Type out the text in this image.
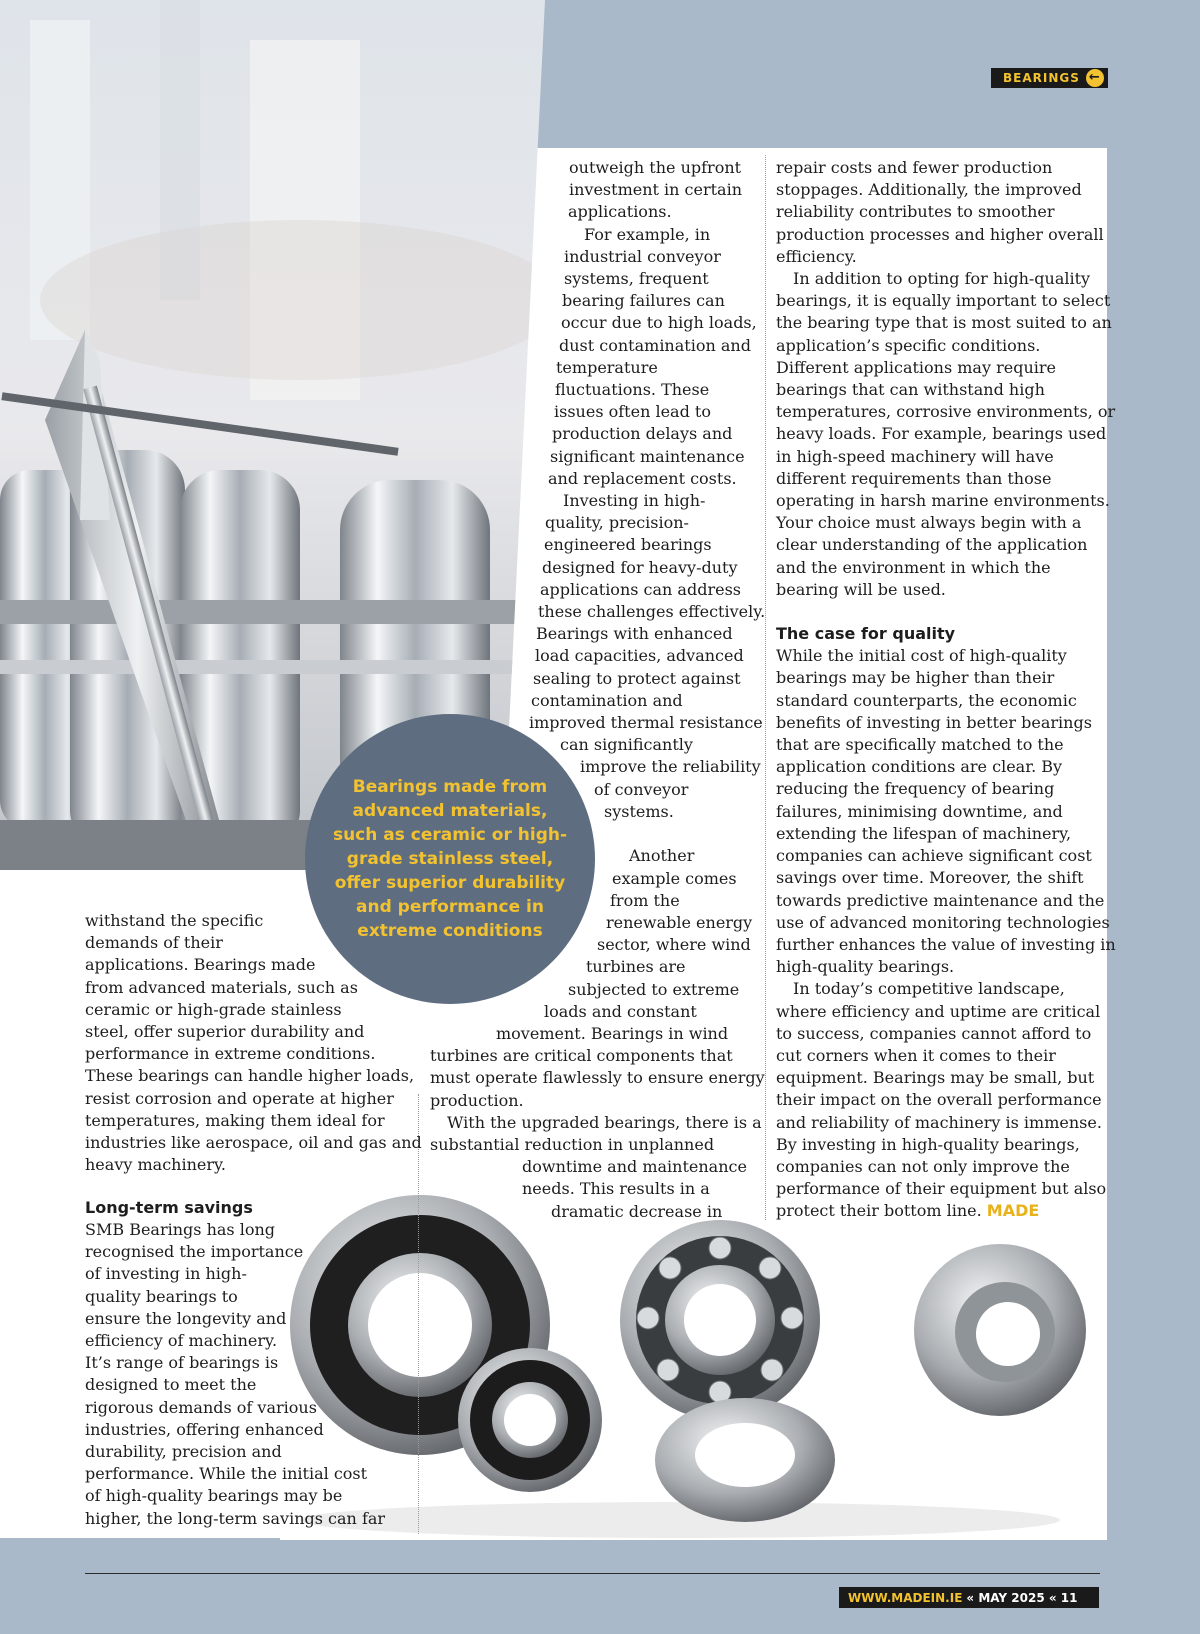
BEARINGS ←

withstand the specific
demands of their
applications. Bearings made
from advanced materials, such as
ceramic or high-grade stainless
steel, offer superior durability and
performance in extreme conditions.
These bearings can handle higher loads,
resist corrosion and operate at higher
temperatures, making them ideal for
industries like aerospace, oil and gas and
heavy machinery.

Long-term savings

SMB Bearings has long
recognised the importance
of investing in high-
quality bearings to
ensure the longevity and
efficiency of machinery.
It’s range of bearings is
designed to meet the
rigorous demands of various
industries, offering enhanced
durability, precision and
performance. While the initial cost
of high-quality bearings may be
higher, the long-term savings can far

outweigh the upfront
investment in certain
applications.
For example, in
industrial conveyor
systems, frequent
bearing failures can
occur due to high loads,
dust contamination and
temperature
fluctuations. These
issues often lead to
production delays and
significant maintenance
and replacement costs.
Investing in high-
quality, precision-
engineered bearings
designed for heavy-duty
applications can address
these challenges effectively.
Bearings with enhanced
load capacities, advanced
sealing to protect against
contamination and
improved thermal resistance
can significantly
improve the reliability
of conveyor
systems.

Another
example comes
from the
renewable energy
sector, where wind
turbines are
subjected to extreme
loads and constant
movement. Bearings in wind
turbines are critical components that
must operate flawlessly to ensure energy
production.
With the upgraded bearings, there is a
substantial reduction in unplanned
downtime and maintenance
needs. This results in a
dramatic decrease in
repair costs and fewer production
stoppages. Additionally, the improved
reliability contributes to smoother
production processes and higher overall
efficiency.
In addition to opting for high-quality
bearings, it is equally important to select
the bearing type that is most suited to an
application’s specific conditions.
Different applications may require
bearings that can withstand high
temperatures, corrosive environments, or
heavy loads. For example, bearings used
in high-speed machinery will have
different requirements than those
operating in harsh marine environments.
Your choice must always begin with a
clear understanding of the application
and the environment in which the
bearing will be used.

The case for quality
While the initial cost of high-quality
bearings may be higher than their
standard counterparts, the economic
benefits of investing in better bearings
that are specifically matched to the
application conditions are clear. By
reducing the frequency of bearing
failures, minimising downtime, and
extending the lifespan of machinery,
companies can achieve significant cost
savings over time. Moreover, the shift
towards predictive maintenance and the
use of advanced monitoring technologies
further enhances the value of investing in
high-quality bearings.
In today’s competitive landscape,
where efficiency and uptime are critical
to success, companies cannot afford to
cut corners when it comes to their
equipment. Bearings may be small, but
their impact on the overall performance
and reliability of machinery is immense.
By investing in high-quality bearings,
companies can not only improve the
performance of their equipment but also
protect their bottom line. MADE
Bearings made from advanced materials, such as ceramic or high-grade stainless steel, offer superior durability and performance in extreme conditions
WWW.MADEIN.IE « MAY 2025 « 11
